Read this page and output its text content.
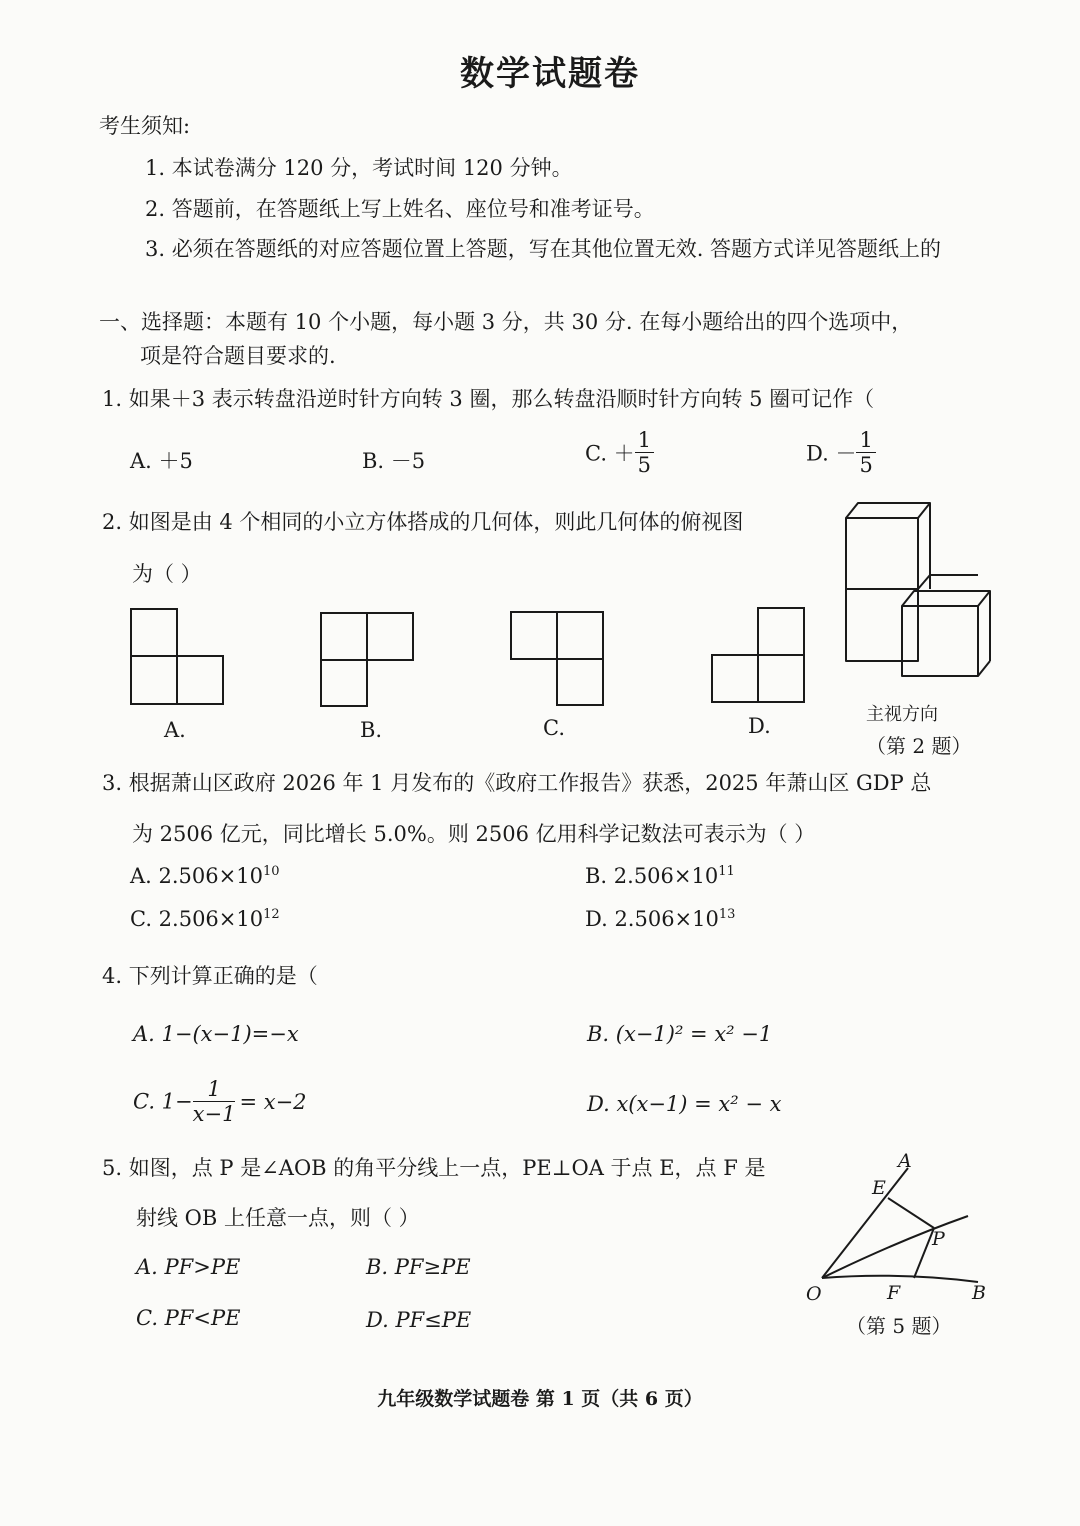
数学试题卷
考生须知:
1. 本试卷满分 120 分，考试时间 120 分钟。
2. 答题前，在答题纸上写上姓名、座位号和准考证号。
3. 必须在答题纸的对应答题位置上答题，写在其他位置无效. 答题方式详见答题纸上的
一、选择题：本题有 10 个小题，每小题 3 分，共 30 分. 在每小题给出的四个选项中，
项是符合题目要求的.
1. 如果＋3 表示转盘沿逆时针方向转 3 圈，那么转盘沿顺时针方向转 5 圈可记作（
A. ＋5	B. －5	C. ＋ $\frac{1}{5}$	D. － $\frac{1}{5}$
2. 如图是由 4 个相同的小立方体搭成的几何体，则此几何体的俯视图
为（ ）
A.	B.	C.	D.	主视方向
（第 2 题）
3. 根据萧山区政府 2026 年 1 月发布的《政府工作报告》获悉，2025 年萧山区 GDP 总
为 2506 亿元，同比增长 5.0%。则 2506 亿用科学记数法可表示为（ ）
A. $2.506\times 10^{10}$	B. $2.506\times 10^{11}$
C. $2.506\times 10^{12}$	D. $2.506\times 10^{13}$
4. 下列计算正确的是（
A. 1−(x−1)=−x	B. (x−1)² = x² −1
C. $1- \frac{1}{x-1} = x-2$	D. x(x−1) = x² − x
5. 如图，点 P 是∠AOB 的角平分线上一点，PE⊥OA 于点 E，点 F 是
射线 OB 上任意一点，则（ ）
A. PF>PE	B. PF≥PE
C. PF<PE	D. PF≤PE
A
E
P
O	F	B
（第 5 题）
九年级数学试题卷 第 1 页（共 6 页）
